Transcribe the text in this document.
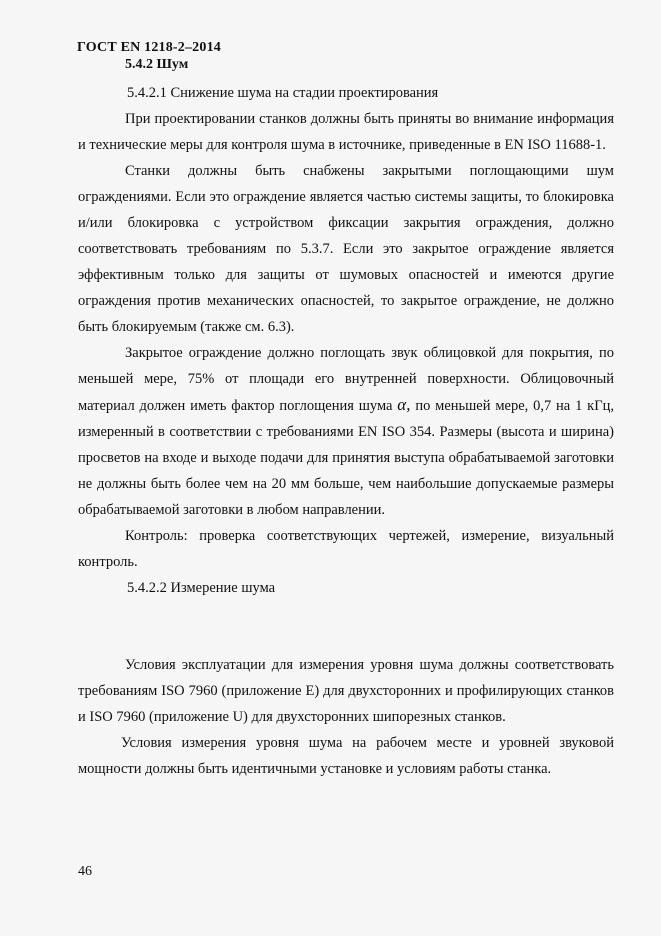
ГОСТ EN 1218-2–2014
5.4.2 Шум

5.4.2.1 Снижение шума на стадии проектирования

При проектировании станков должны быть приняты во внимание информация и технические меры для контроля шума в источнике, приведенные в EN ISO 11688-1.

Станки должны быть снабжены закрытыми поглощающими шум ограждениями. Если это ограждение является частью системы защиты, то блокировка и/или блокировка с устройством фиксации закрытия ограждения, должно соответствовать требованиям по 5.3.7. Если это закрытое ограждение является эффективным только для защиты от шумовых опасностей и имеются другие ограждения против механических опасностей, то закрытое ограждение, не должно быть блокируемым (также см. 6.3).

Закрытое ограждение должно поглощать звук облицовкой для покрытия, по меньшей мере, 75% от площади его внутренней поверхности. Облицовочный материал должен иметь фактор поглощения шума α, по меньшей мере, 0,7 на 1 кГц, измеренный в соответствии с требованиями EN ISO 354. Размеры (высота и ширина) просветов на входе и выходе подачи для принятия выступа обрабатываемой заготовки не должны быть более чем на 20 мм больше, чем наибольшие допускаемые размеры обрабатываемой заготовки в любом направлении.

Контроль: проверка соответствующих чертежей, измерение, визуальный контроль.

5.4.2.2 Измерение шума

Условия эксплуатации для измерения уровня шума должны соответствовать требованиям ISO 7960 (приложение E) для двухсторонних и профилирующих станков и ISO 7960 (приложение U) для двухсторонних шипорезных станков.

Условия измерения уровня шума на рабочем месте и уровней звуковой мощности должны быть идентичными установке и условиям работы станка.

46
